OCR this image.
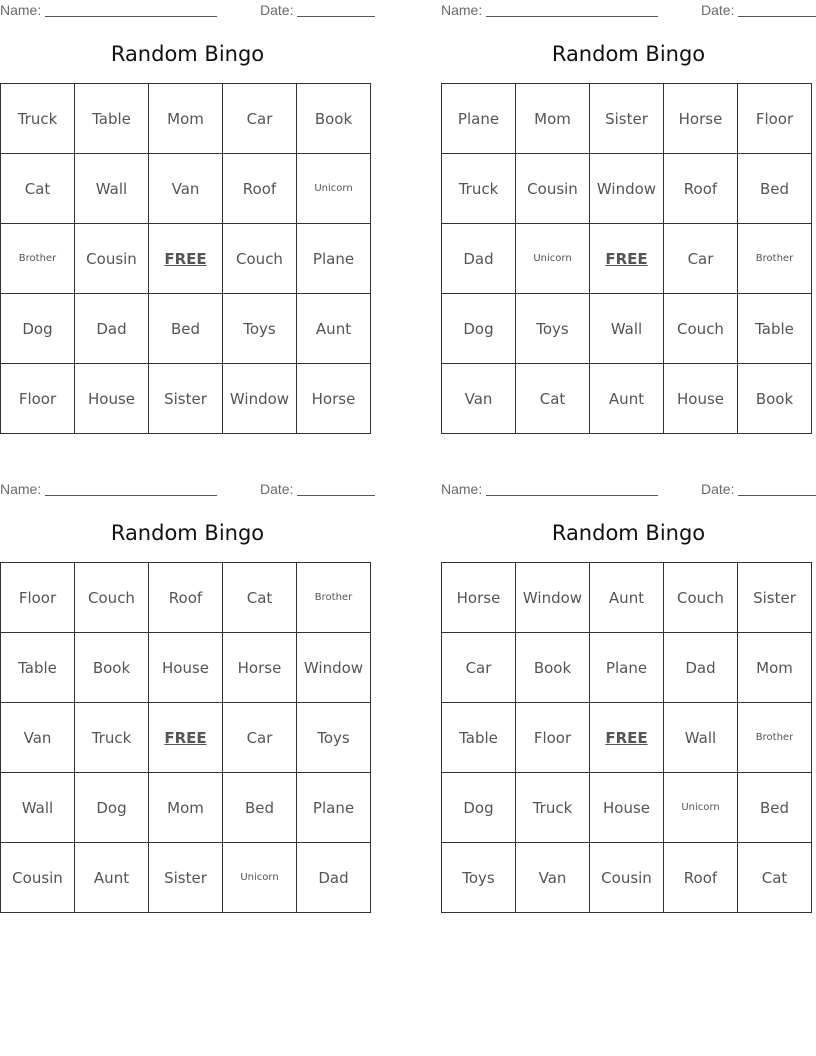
Name:	Date:
Random Bingo
Truck	Table	Mom	Car	Book
Cat	Wall	Van	Roof	Unicorn
Brother	Cousin	FREE	Couch	Plane
Dog	Dad	Bed	Toys	Aunt
Floor	House	Sister	Window	Horse
Name:	Date:
Random Bingo
Plane	Mom	Sister	Horse	Floor
Truck	Cousin	Window	Roof	Bed
Dad	Unicorn	FREE	Car	Brother
Dog	Toys	Wall	Couch	Table
Van	Cat	Aunt	House	Book
Name:	Date:
Random Bingo
Floor	Couch	Roof	Cat	Brother
Table	Book	House	Horse	Window
Van	Truck	FREE	Car	Toys
Wall	Dog	Mom	Bed	Plane
Cousin	Aunt	Sister	Unicorn	Dad
Name:	Date:
Random Bingo
Horse	Window	Aunt	Couch	Sister
Car	Book	Plane	Dad	Mom
Table	Floor	FREE	Wall	Brother
Dog	Truck	House	Unicorn	Bed
Toys	Van	Cousin	Roof	Cat
